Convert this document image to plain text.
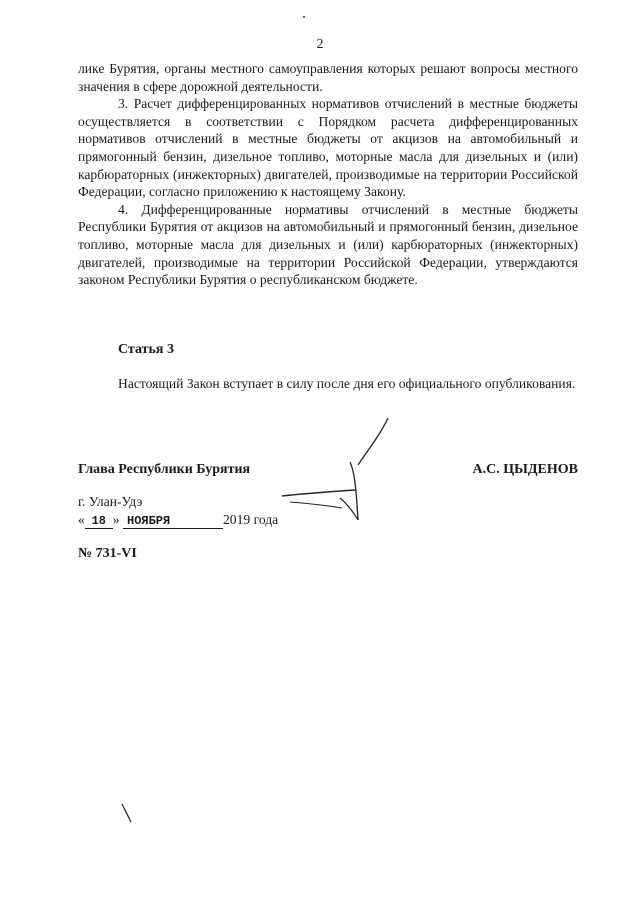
2

лике Бурятия, органы местного самоуправления которых решают вопросы местного значения в сфере дорожной деятельности.

3. Расчет дифференцированных нормативов отчислений в местные бюджеты осуществляется в соответствии с Порядком расчета дифференцированных нормативов отчислений в местные бюджеты от акцизов на автомобильный и прямогонный бензин, дизельное топливо, моторные масла для дизельных и (или) карбюраторных (инжекторных) двигателей, производимые на территории Российской Федерации, согласно приложению к настоящему Закону.

4. Дифференцированные нормативы отчислений в местные бюджеты Республики Бурятия от акцизов на автомобильный и прямогонный бензин, дизельное топливо, моторные масла для дизельных и (или) карбюраторных (инжекторных) двигателей, производимые на территории Российской Федерации, утверждаются законом Республики Бурятия о республиканском бюджете.

Статья 3
Настоящий Закон вступает в силу после дня его официального опубликования.
Глава Республики Бурятия	А.С. ЦЫДЕНОВ
г. Улан-Удэ
« 18 » НОЯБРЯ	2019 года
№ 731-VI
